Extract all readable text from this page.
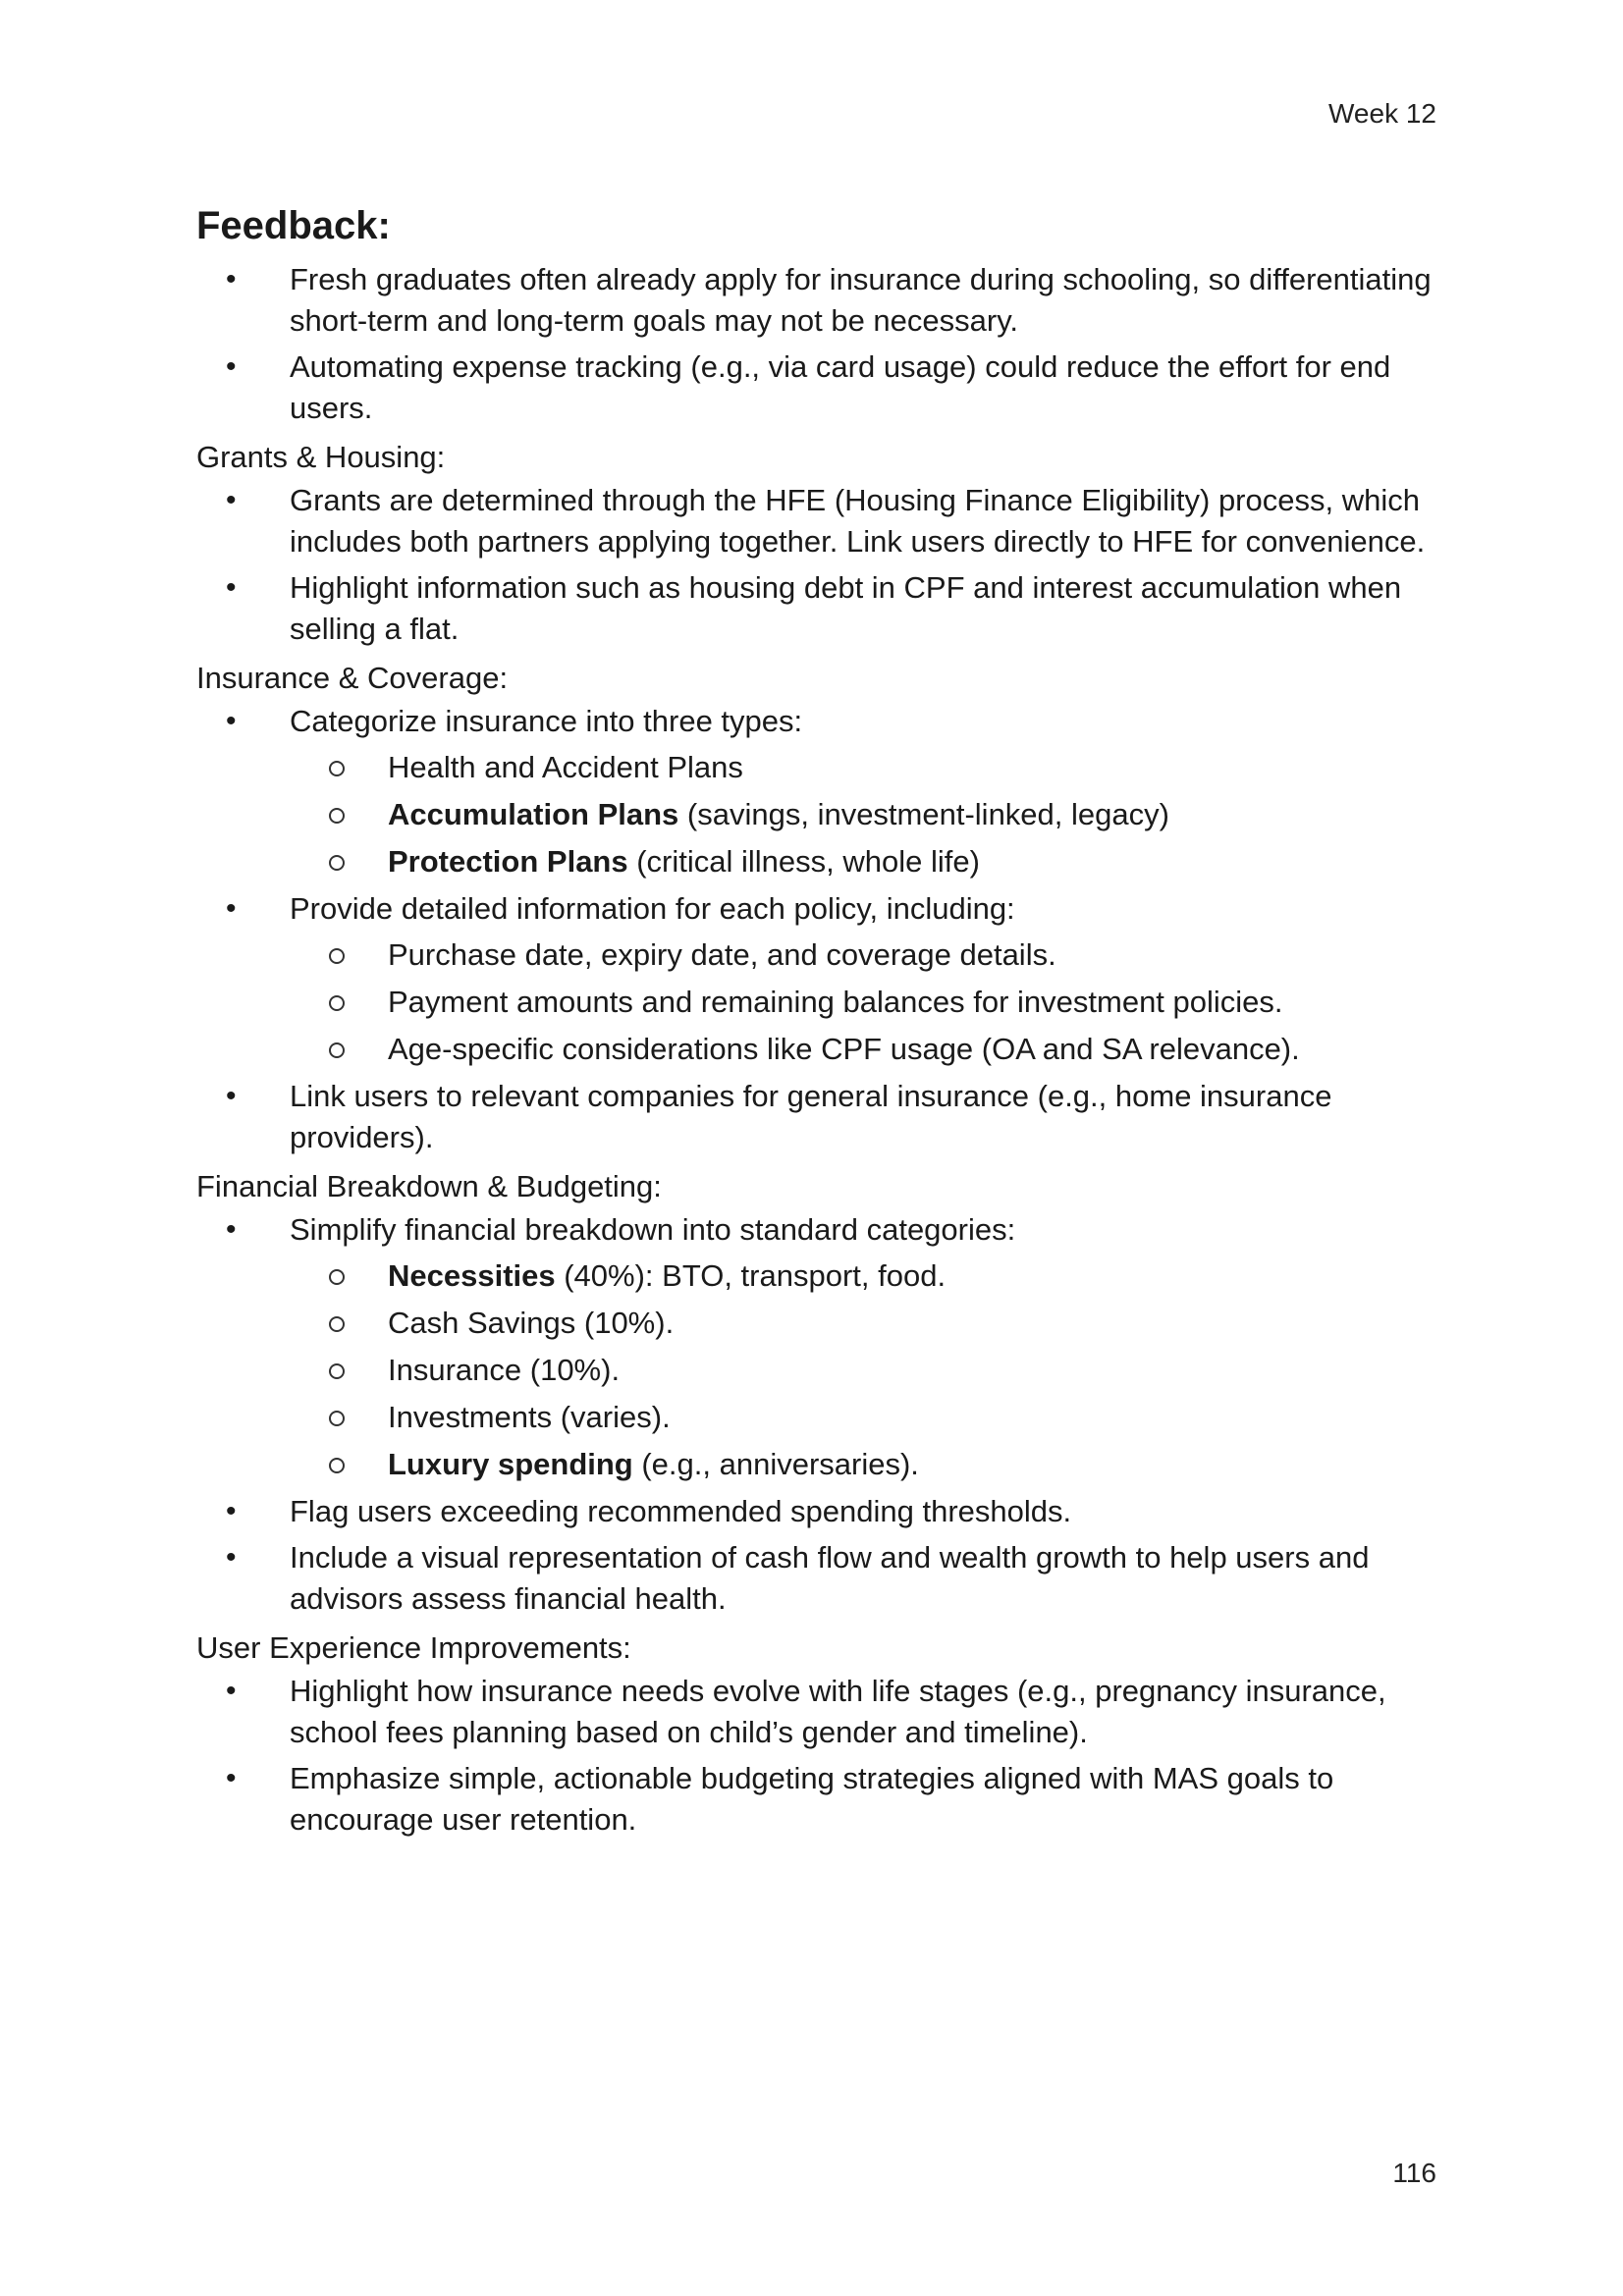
Week 12
Feedback:
• Fresh graduates often already apply for insurance during schooling, so differentiating short-term and long-term goals may not be necessary.
• Automating expense tracking (e.g., via card usage) could reduce the effort for end users.

Grants & Housing:

• Grants are determined through the HFE (Housing Finance Eligibility) process, which includes both partners applying together. Link users directly to HFE for convenience.
• Highlight information such as housing debt in CPF and interest accumulation when selling a flat.

Insurance & Coverage:

• Categorize insurance into three types:
Health and Accident Plans
Accumulation Plans (savings, investment-linked, legacy)
Protection Plans (critical illness, whole life)
• Provide detailed information for each policy, including:
Purchase date, expiry date, and coverage details.
Payment amounts and remaining balances for investment policies.
Age-specific considerations like CPF usage (OA and SA relevance).
• Link users to relevant companies for general insurance (e.g., home insurance providers).

Financial Breakdown & Budgeting:

• Simplify financial breakdown into standard categories:
Necessities (40%): BTO, transport, food.
Cash Savings (10%).
Insurance (10%).
Investments (varies).
Luxury spending (e.g., anniversaries).
• Flag users exceeding recommended spending thresholds.
• Include a visual representation of cash flow and wealth growth to help users and advisors assess financial health.

User Experience Improvements:

• Highlight how insurance needs evolve with life stages (e.g., pregnancy insurance, school fees planning based on child’s gender and timeline).
• Emphasize simple, actionable budgeting strategies aligned with MAS goals to encourage user retention.
116
